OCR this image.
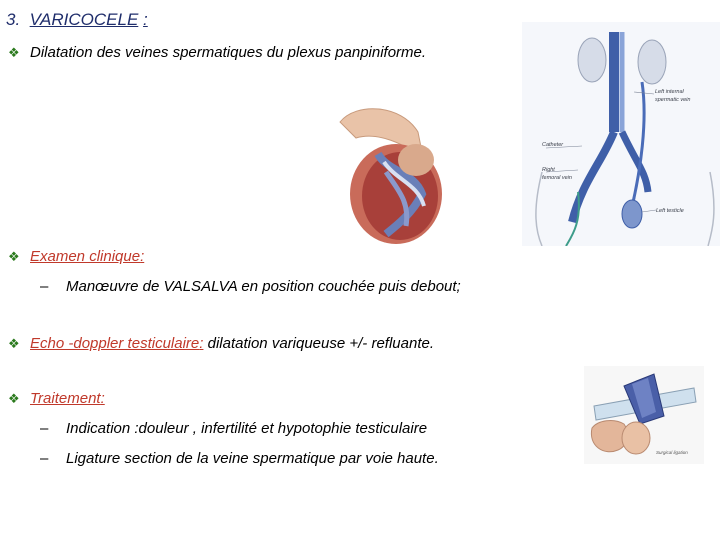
3. VARICOCELE :
❖ Dilatation des veines spermatiques du plexus panpiniforme.
Left internal
spermatic vein
Catheter
Right
femoral vein
Left testicle
❖ Examen clinique:
– Manœuvre de VALSALVA en position couchée puis debout;
❖ Echo -doppler testiculaire: dilatation variqueuse +/- refluante.
❖ Traitement:
– Indication :douleur , infertilité et hypotophie testiculaire
– Ligature section de la veine spermatique par voie haute.	Surgical ligation
